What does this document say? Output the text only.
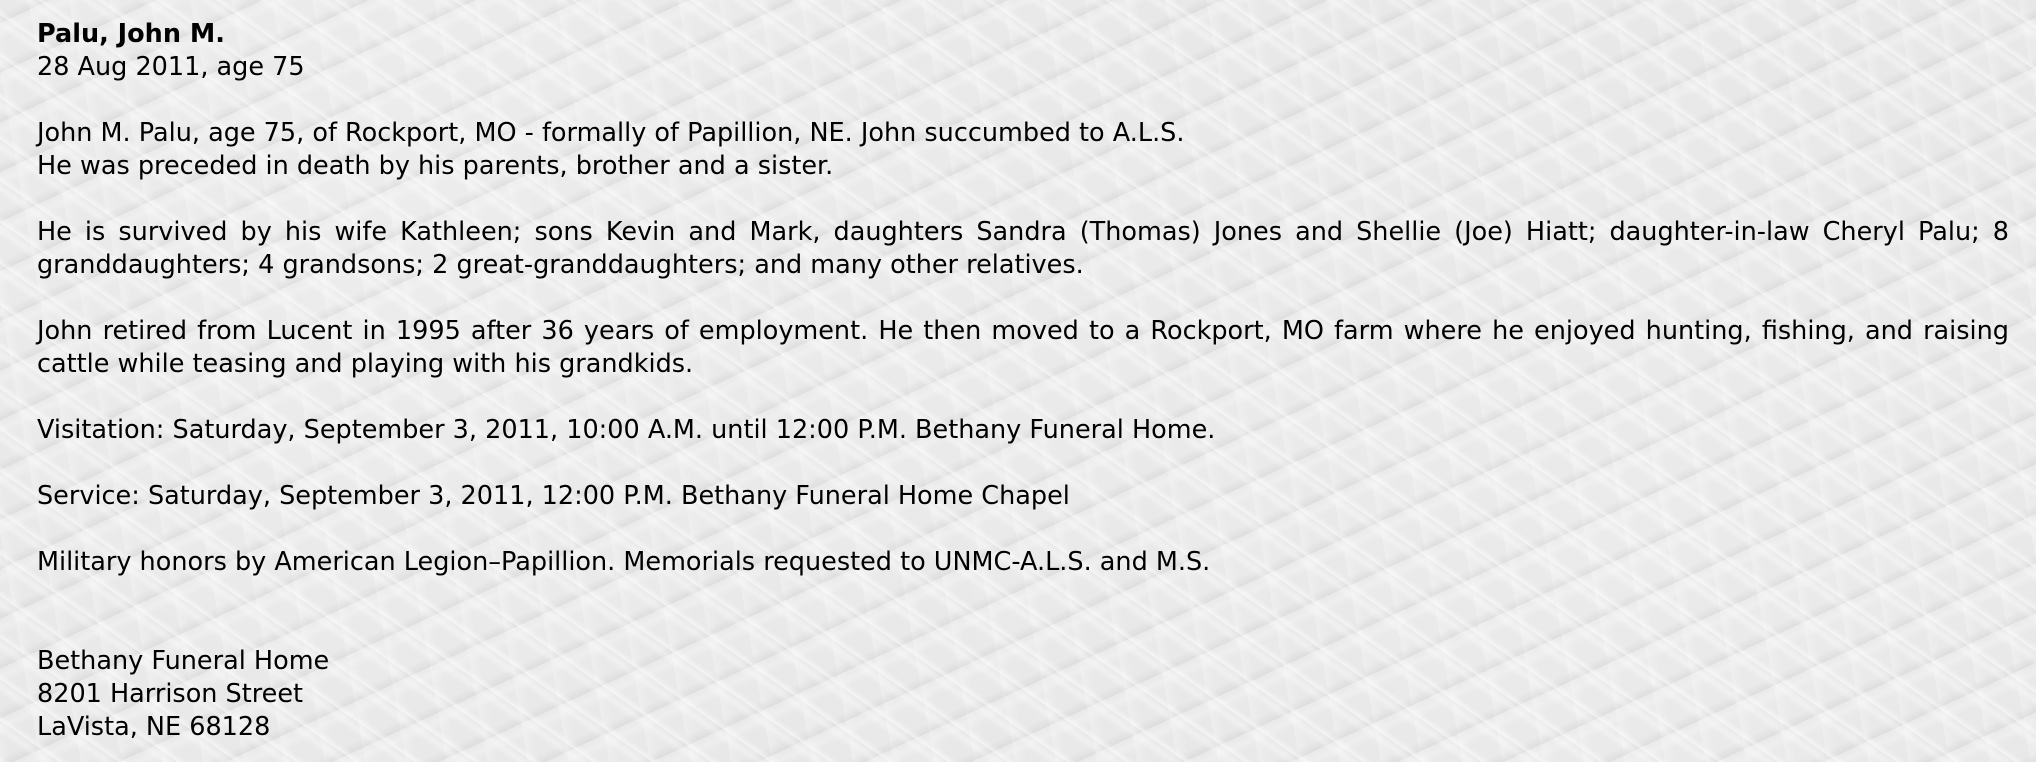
Palu, John M.

28 Aug 2011, age 75

John M. Palu, age 75, of Rockport, MO - formally of Papillion, NE. John succumbed to A.L.S.
He was preceded in death by his parents, brother and a sister.

He is survived by his wife Kathleen; sons Kevin and Mark, daughters Sandra (Thomas) Jones and Shellie (Joe) Hiatt; daughter-in-law Cheryl Palu; 8 granddaughters; 4 grandsons; 2 great-granddaughters; and many other relatives.

John retired from Lucent in 1995 after 36 years of employment. He then moved to a Rockport, MO farm where he enjoyed hunting, fishing, and raising cattle while teasing and playing with his grandkids.

Visitation: Saturday, September 3, 2011, 10:00 A.M. until 12:00 P.M. Bethany Funeral Home.

Service: Saturday, September 3, 2011, 12:00 P.M. Bethany Funeral Home Chapel

Military honors by American Legion–Papillion. Memorials requested to UNMC-A.L.S. and M.S.

Bethany Funeral Home
8201 Harrison Street
LaVista, NE 68128
